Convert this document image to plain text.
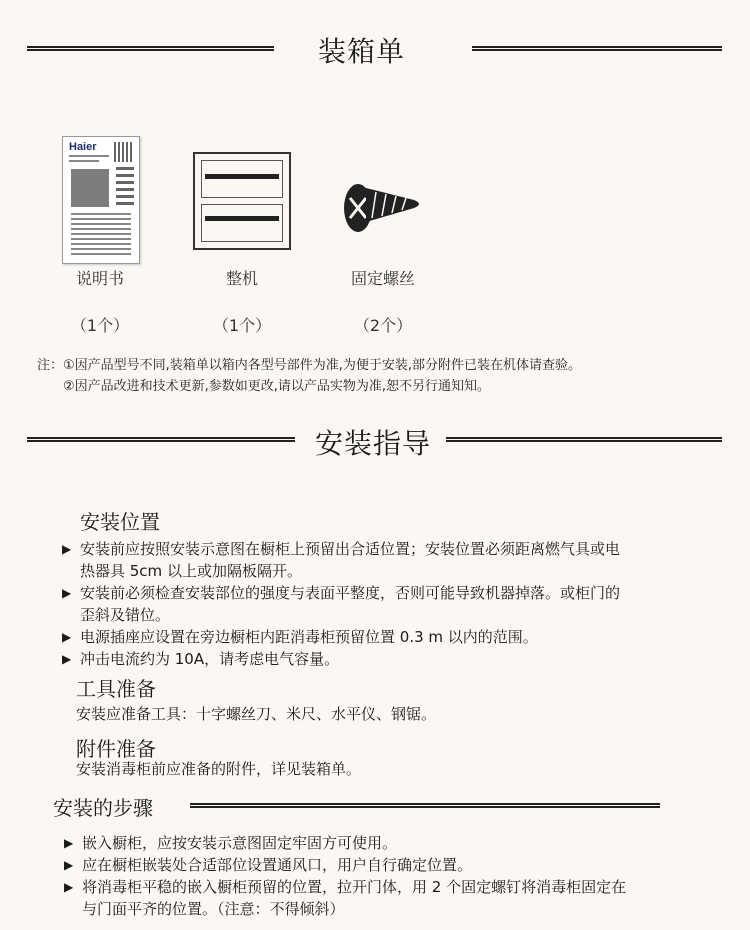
装箱单
Haier
说明书	整机	固定螺丝
（1个）	（1个）	（2个）
注：①因产品型号不同,装箱单以箱内各型号部件为准,为便于安装,部分附件已装在机体请查验。
②因产品改进和技术更新,参数如更改,请以产品实物为准,恕不另行通知知。
安装指导
安装位置
▶ 安装前应按照安装示意图在橱柜上预留出合适位置；安装位置必须距离燃气具或电
热器具 5cm 以上或加隔板隔开。
▶ 安装前必须检查安装部位的强度与表面平整度，否则可能导致机器掉落。或柜门的
歪斜及错位。
▶ 电源插座应设置在旁边橱柜内距消毒柜预留位置 0.3 m 以内的范围。
▶ 冲击电流约为 10A，请考虑电气容量。
工具准备
安装应准备工具：十字螺丝刀、米尺、水平仪、钢锯。
附件准备
安装消毒柜前应准备的附件，详见装箱单。
安装的步骤
▶ 嵌入橱柜，应按安装示意图固定牢固方可使用。
▶ 应在橱柜嵌装处合适部位设置通风口，用户自行确定位置。
▶ 将消毒柜平稳的嵌入橱柜预留的位置，拉开门体，用 2 个固定螺钉将消毒柜固定在
与门面平齐的位置。（注意：不得倾斜）
